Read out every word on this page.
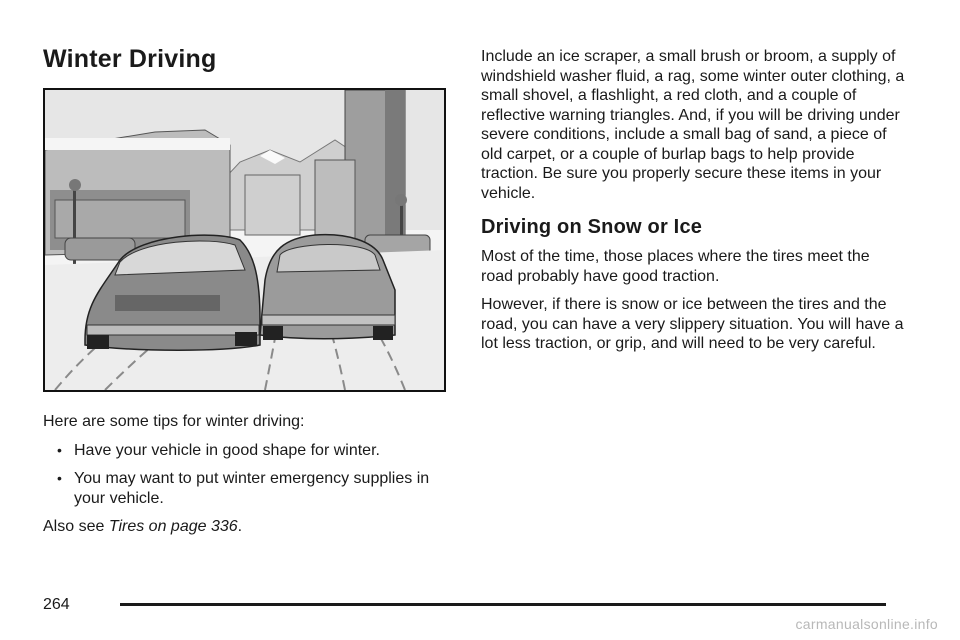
Winter Driving

Here are some tips for winter driving:

• Have your vehicle in good shape for winter.
• You may want to put winter emergency supplies in your vehicle.

Also see Tires on page 336.

Include an ice scraper, a small brush or broom, a supply of windshield washer fluid, a rag, some winter outer clothing, a small shovel, a flashlight, a red cloth, and a couple of reflective warning triangles. And, if you will be driving under severe conditions, include a small bag of sand, a piece of old carpet, or a couple of burlap bags to help provide traction. Be sure you properly secure these items in your vehicle.

Driving on Snow or Ice

Most of the time, those places where the tires meet the road probably have good traction.

However, if there is snow or ice between the tires and the road, you can have a very slippery situation. You will have a lot less traction, or grip, and will need to be very careful.

264
carmanualsonline.info
